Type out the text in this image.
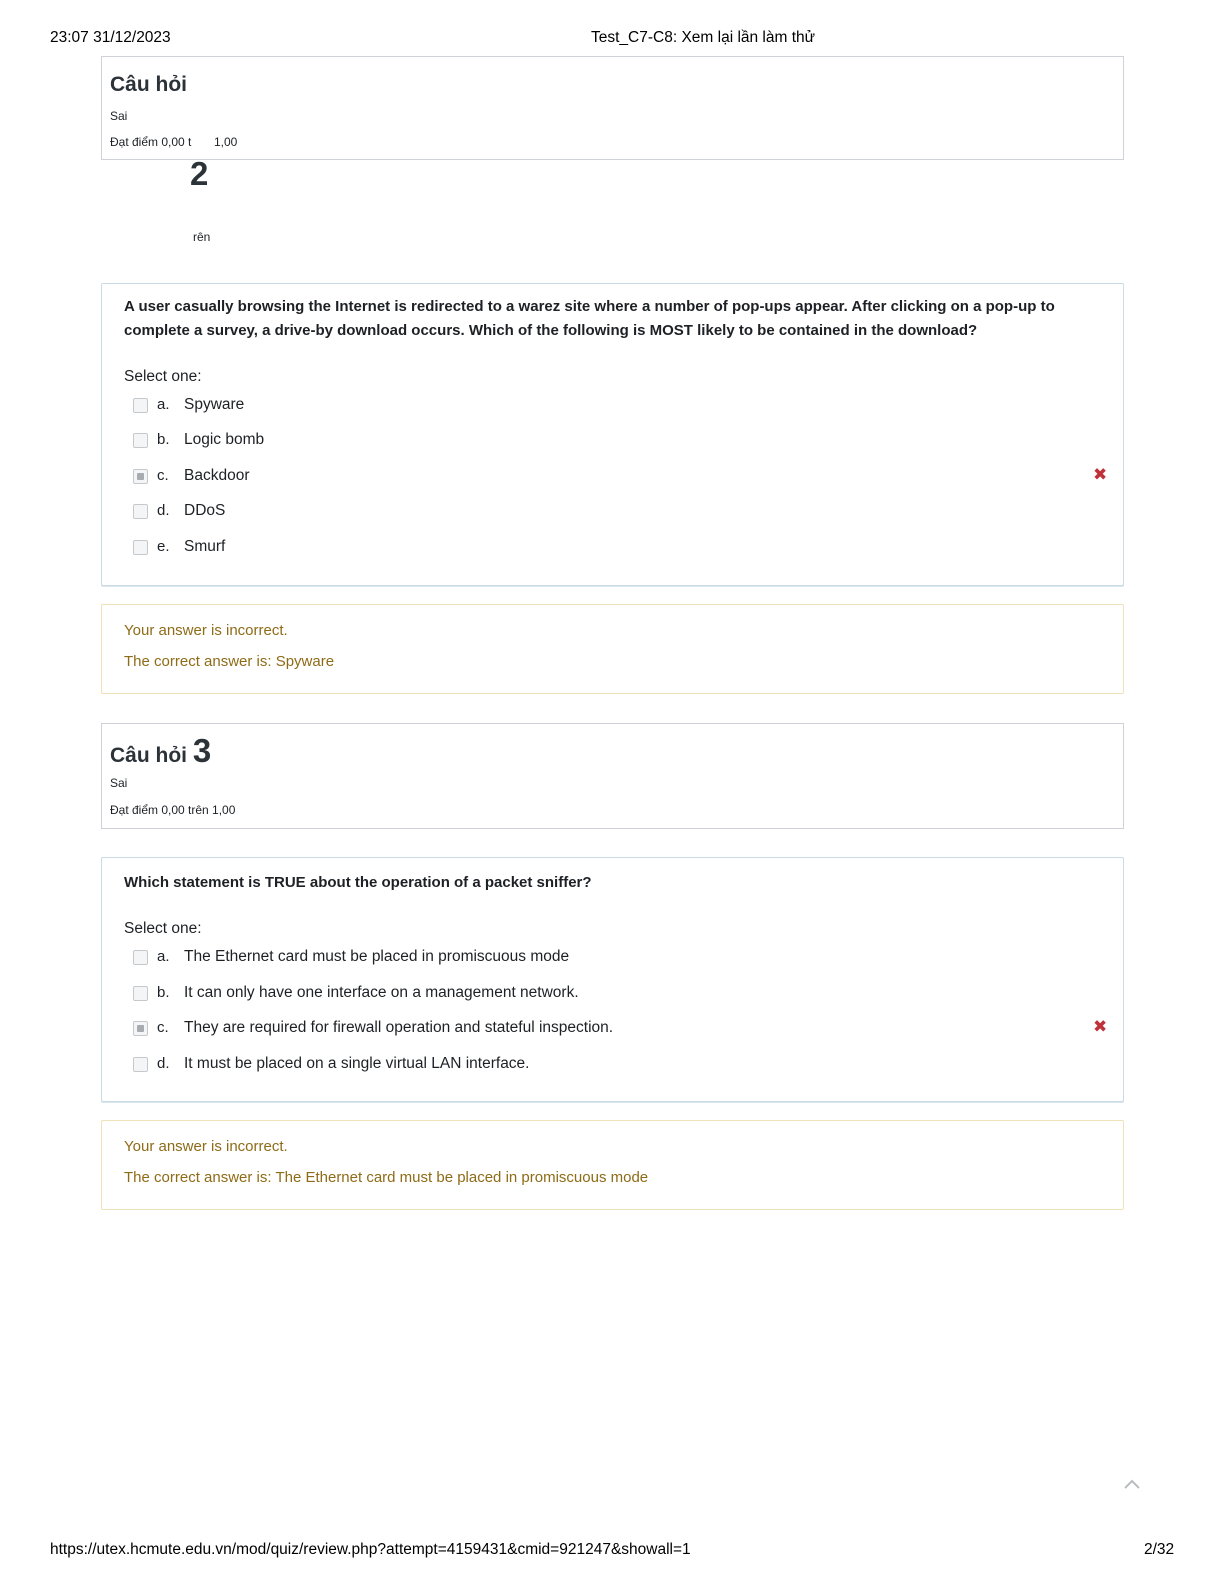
23:07 31/12/2023	Test_C7-C8: Xem lại lần làm thử
Câu hỏi
Sai
Đạt điểm 0,00 t 1,00
2
rên
A user casually browsing the Internet is redirected to a warez site where a number of pop-ups appear. After clicking on a pop-up to complete a survey, a drive-by download occurs. Which of the following is MOST likely to be contained in the download?
Select one:
a. Spyware
b. Logic bomb
c. Backdoor	✖
d. DDoS
e. Smurf
Your answer is incorrect.
The correct answer is: Spyware
Câu hỏi 3
Sai
Đạt điểm 0,00 trên 1,00
Which statement is TRUE about the operation of a packet sniffer?
Select one:
a. The Ethernet card must be placed in promiscuous mode
b. It can only have one interface on a management network.
c. They are required for firewall operation and stateful inspection.	✖
d. It must be placed on a single virtual LAN interface.
Your answer is incorrect.
The correct answer is: The Ethernet card must be placed in promiscuous mode
https://utex.hcmute.edu.vn/mod/quiz/review.php?attempt=4159431&cmid=921247&showall=1	2/32
